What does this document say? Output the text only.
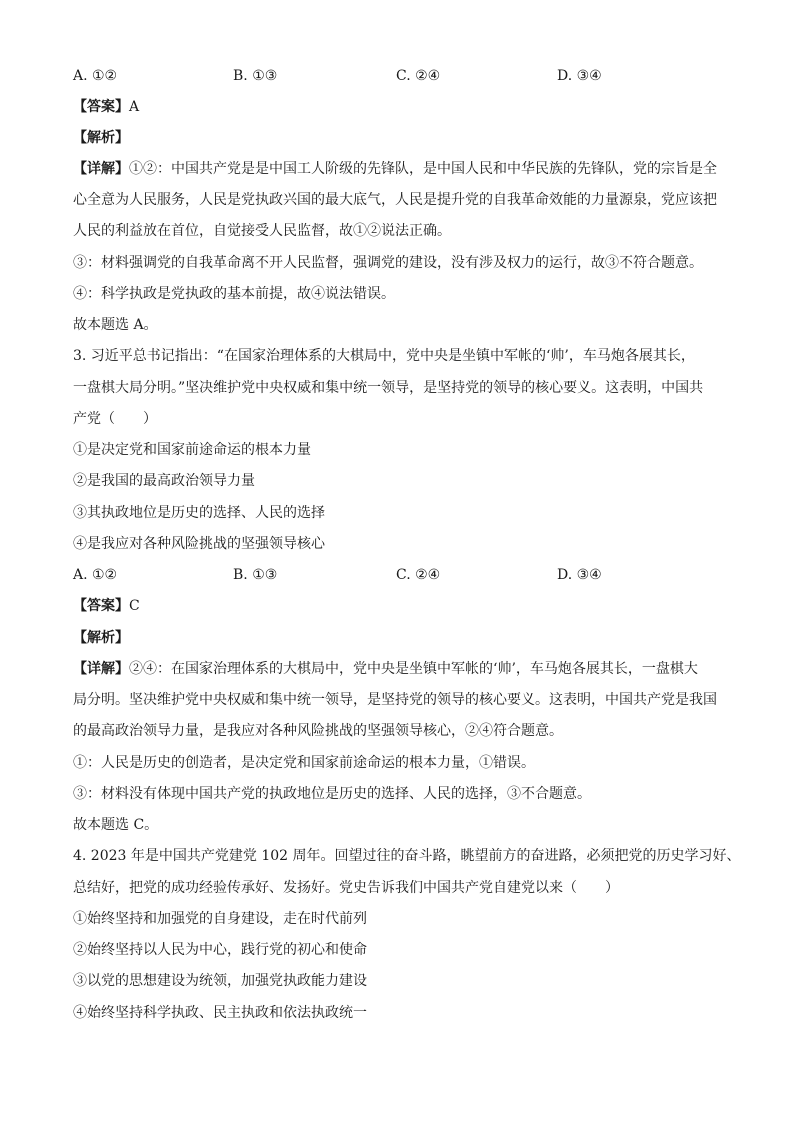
A. ①②	B. ①③	C. ②④	D. ③④
【答案】A
【解析】
【详解】①②：中国共产党是是中国工人阶级的先锋队，是中国人民和中华民族的先锋队，党的宗旨是全
心全意为人民服务，人民是党执政兴国的最大底气，人民是提升党的自我革命效能的力量源泉，党应该把
人民的利益放在首位，自觉接受人民监督，故①②说法正确。
③：材料强调党的自我革命离不开人民监督，强调党的建设，没有涉及权力的运行，故③不符合题意。
④：科学执政是党执政的基本前提，故④说法错误。
故本题选 A。
3. 习近平总书记指出：“在国家治理体系的大棋局中，党中央是坐镇中军帐的‘帅’，车马炮各展其长，
一盘棋大局分明。”坚决维护党中央权威和集中统一领导，是坚持党的领导的核心要义。这表明，中国共
产党（　　）
①是决定党和国家前途命运的根本力量
②是我国的最高政治领导力量
③其执政地位是历史的选择、人民的选择
④是我应对各种风险挑战的坚强领导核心
A. ①②	B. ①③	C. ②④	D. ③④
【答案】C
【解析】
【详解】②④：在国家治理体系的大棋局中，党中央是坐镇中军帐的‘帅’，车马炮各展其长，一盘棋大
局分明。坚决维护党中央权威和集中统一领导，是坚持党的领导的核心要义。这表明，中国共产党是我国
的最高政治领导力量，是我应对各种风险挑战的坚强领导核心，②④符合题意。
①：人民是历史的创造者，是决定党和国家前途命运的根本力量，①错误。
③：材料没有体现中国共产党的执政地位是历史的选择、人民的选择，③不合题意。
故本题选 C。
4. 2023 年是中国共产党建党 102 周年。回望过往的奋斗路，眺望前方的奋进路，必须把党的历史学习好、
总结好，把党的成功经验传承好、发扬好。党史告诉我们中国共产党自建党以来（　　）
①始终坚持和加强党的自身建设，走在时代前列
②始终坚持以人民为中心，践行党的初心和使命
③以党的思想建设为统领，加强党执政能力建设
④始终坚持科学执政、民主执政和依法执政统一
